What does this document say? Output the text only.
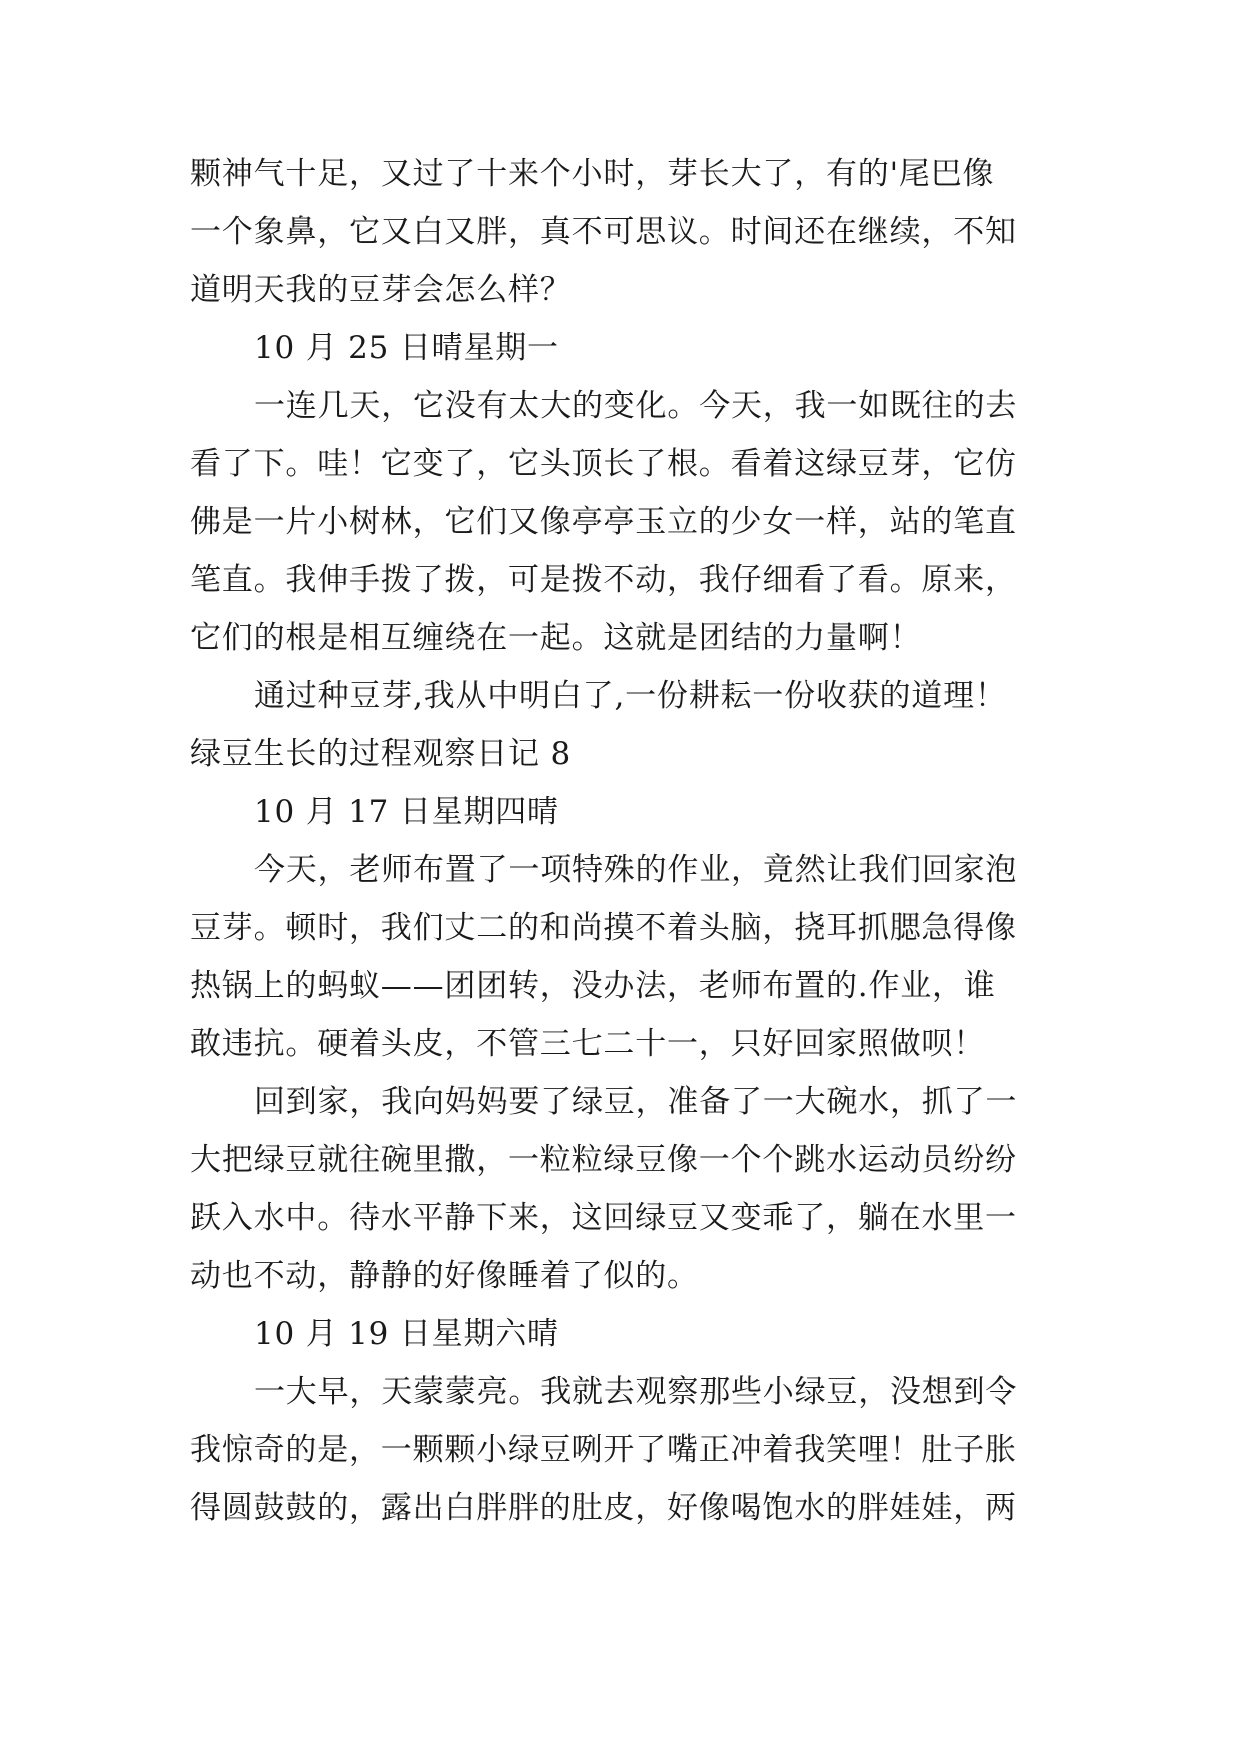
颗神气十足，又过了十来个小时，芽长大了，有的'尾巴像
一个象鼻，它又白又胖，真不可思议。时间还在继续，不知
道明天我的豆芽会怎么样？
10 月 25 日晴星期一
一连几天，它没有太大的变化。今天，我一如既往的去
看了下。哇！它变了，它头顶长了根。看着这绿豆芽，它仿
佛是一片小树林，它们又像亭亭玉立的少女一样，站的笔直
笔直。我伸手拨了拨，可是拨不动，我仔细看了看。原来，
它们的根是相互缠绕在一起。这就是团结的力量啊！
通过种豆芽,我从中明白了,一份耕耘一份收获的道理！
绿豆生长的过程观察日记 8
10 月 17 日星期四晴
今天，老师布置了一项特殊的作业，竟然让我们回家泡
豆芽。顿时，我们丈二的和尚摸不着头脑，挠耳抓腮急得像
热锅上的蚂蚁——团团转，没办法，老师布置的.作业，谁
敢违抗。硬着头皮，不管三七二十一，只好回家照做呗！
回到家，我向妈妈要了绿豆，准备了一大碗水，抓了一
大把绿豆就往碗里撒，一粒粒绿豆像一个个跳水运动员纷纷
跃入水中。待水平静下来，这回绿豆又变乖了，躺在水里一
动也不动，静静的好像睡着了似的。
10 月 19 日星期六晴
一大早，天蒙蒙亮。我就去观察那些小绿豆，没想到令
我惊奇的是，一颗颗小绿豆咧开了嘴正冲着我笑哩！肚子胀
得圆鼓鼓的，露出白胖胖的肚皮，好像喝饱水的胖娃娃，两
